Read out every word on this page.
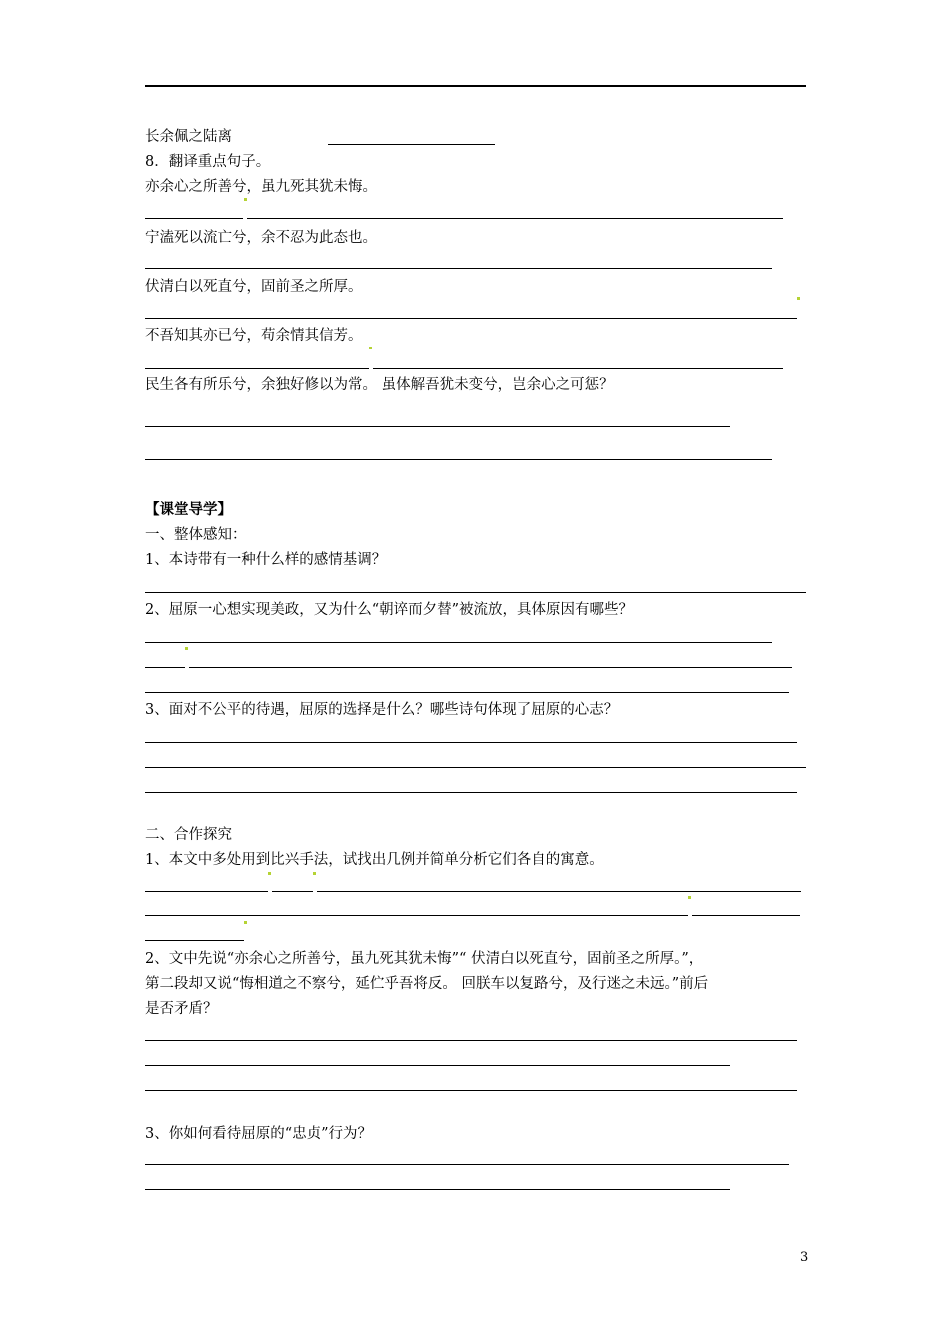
长余佩之陆离
8．翻译重点句子。
亦余心之所善兮，虽九死其犹未悔。
宁溘死以流亡兮，余不忍为此态也。
伏清白以死直兮，固前圣之所厚。
不吾知其亦已兮，苟余情其信芳。
民生各有所乐兮，余独好修以为常。 虽体解吾犹未变兮，岂余心之可惩？
【课堂导学】
一、整体感知：
1、本诗带有一种什么样的感情基调？
2、屈原一心想实现美政，又为什么“朝谇而夕替”被流放，具体原因有哪些？
3、面对不公平的待遇，屈原的选择是什么？哪些诗句体现了屈原的心志？
二、合作探究
1、本文中多处用到比兴手法，试找出几例并简单分析它们各自的寓意。
2、文中先说“亦余心之所善兮，虽九死其犹未悔”“ 伏清白以死直兮，固前圣之所厚。”，
第二段却又说“悔相道之不察兮，延伫乎吾将反。 回朕车以复路兮，及行迷之未远。”前后
是否矛盾？
3、你如何看待屈原的“忠贞”行为？
3
